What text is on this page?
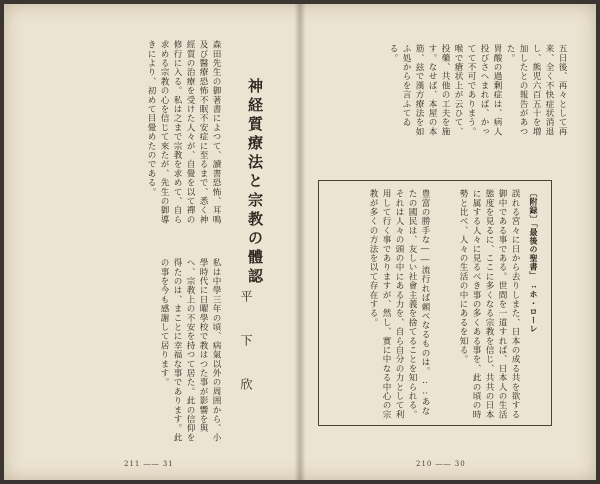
神経質療法と宗教の體認
平　下　欣　
森田先生の御著書によつて、讀書恐怖、耳鳴及び醫療恐怖不眠不安症に至るまで、悉く神經質の治療を受けた人々が、自覺を以て禪の修行に入る。私は之まで宗教を求めて、自ら求める宗教の心を信じて來たが、先生の御導きにより、初めて目覺めたのである。
私は中學三年の頃、病氣以外の周囲から、小學時代に日曜學校で教はつた事が影響を與へ、宗教上の不安を持つて居た。此の信仰を得たのは、まことに幸福な事であります。此の事を今も感謝して居ります。
211 ―― 31
五日後、再々として再来、全く不快症状消退し、熊児六百五十を増加したとの報告があつた。
胃酸の過剰症は、病人投びさへまれば、かってて不可でありまう。喉で瘡状上が云ひて、投藥、共他の工夫を施す。なせば、本屋の本筋、玆で漢方療法を如ふ処からを言ふてゐる。
〔附録〕「最後の聖書」‥ホ・ローレ
誤れる宮々に日から去りしまた、日本の成る共を欲する御中である事である。世間を一道すれば、日本人の生活態度を見るに、ここに多くなる宗教を信じ、共共の日本に属する人々に見るべき事の多くある事を、此の頃の時勢と比べ、人々の生活の中にあるを知る。
豊富の勝手な――流行れば頼べなるものは。‥‥あなたの國民は、友しい社會主義を捨てることを知られる。それは人々の頭の中にある力を、自ら自分の力として利用して行く事でありますが、然し、實に中なる中心の宗教が多くの方法を以て存在する。
210 ―― 30
